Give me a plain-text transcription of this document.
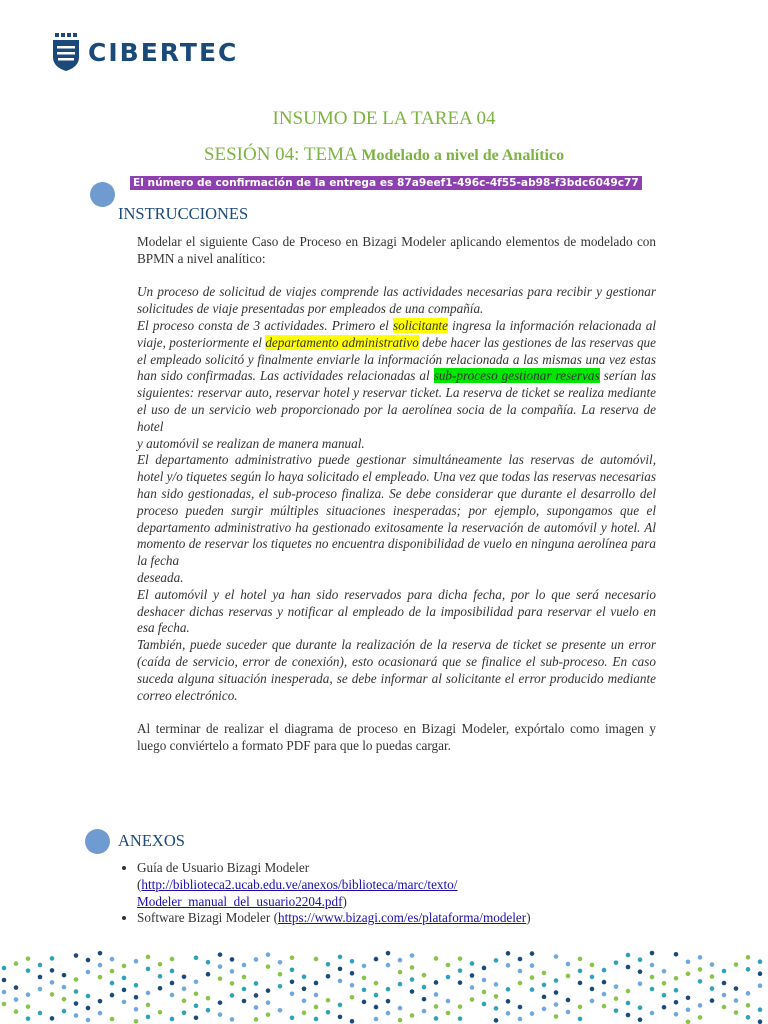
CIBERTEC
INSUMO DE LA TAREA 04
SESIÓN 04: TEMA Modelado a nivel de Analítico
El número de confirmación de la entrega es 87a9eef1-496c-4f55-ab98-f3bdc6049c77
INSTRUCCIONES

Modelar el siguiente Caso de Proceso en Bizagi Modeler aplicando elementos de modelado con BPMN a nivel analítico:

Un proceso de solicitud de viajes comprende las actividades necesarias para recibir y gestionar solicitudes de viaje presentadas por empleados de una compañía.

El proceso consta de 3 actividades. Primero el solicitante ingresa la información relacionada al viaje, posteriormente el departamento administrativo debe hacer las gestiones de las reservas que el empleado solicitó y finalmente enviarle la información relacionada a las mismas una vez estas han sido confirmadas. Las actividades relacionadas al sub-proceso gestionar reservas serían las siguientes: reservar auto, reservar hotel y reservar ticket. La reserva de ticket se realiza mediante el uso de un servicio web proporcionado por la aerolínea socia de la compañía. La reserva de hotel

y automóvil se realizan de manera manual.

El departamento administrativo puede gestionar simultáneamente las reservas de automóvil, hotel y/o tiquetes según lo haya solicitado el empleado. Una vez que todas las reservas necesarias han sido gestionadas, el sub-proceso finaliza. Se debe considerar que durante el desarrollo del proceso pueden surgir múltiples situaciones inesperadas; por ejemplo, supongamos que el departamento administrativo ha gestionado exitosamente la reservación de automóvil y hotel. Al momento de reservar los tiquetes no encuentra disponibilidad de vuelo en ninguna aerolínea para la fecha

deseada.

El automóvil y el hotel ya han sido reservados para dicha fecha, por lo que será necesario deshacer dichas reservas y notificar al empleado de la imposibilidad para reservar el vuelo en esa fecha.

También, puede suceder que durante la realización de la reserva de ticket se presente un error (caída de servicio, error de conexión), esto ocasionará que se finalice el sub-proceso. En caso suceda alguna situación inesperada, se debe informar al solicitante el error producido mediante correo electrónico.

Al terminar de realizar el diagrama de proceso en Bizagi Modeler, expórtalo como imagen y luego conviértelo a formato PDF para que lo puedas cargar.

ANEXOS
• Guía de Usuario Bizagi Modeler
(http://biblioteca2.ucab.edu.ve/anexos/biblioteca/marc/texto/
Modeler_manual_del_usuario2204.pdf)
• Software Bizagi Modeler (https://www.bizagi.com/es/plataforma/modeler)
